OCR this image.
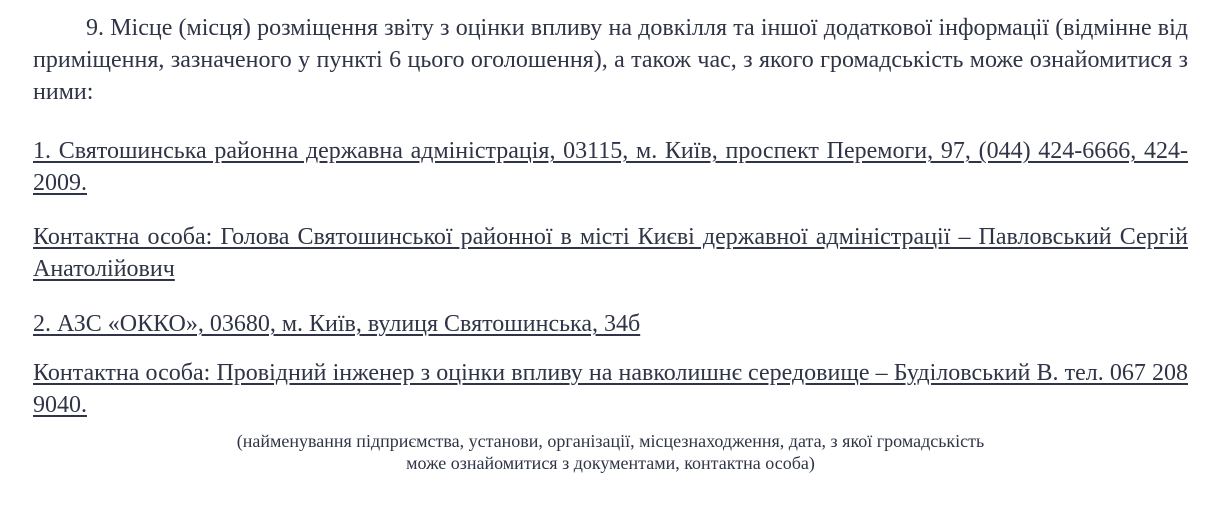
9. Місце (місця) розміщення звіту з оцінки впливу на довкілля та іншої додаткової інформації (відмінне від приміщення, зазначеного у пункті 6 цього оголошення), а також час, з якого громадськість може ознайомитися з ними:

1. Святошинська районна державна адміністрація, 03115, м. Київ, проспект Перемоги, 97, (044) 424-6666, 424-2009.

Контактна особа: Голова Святошинської районної в місті Києві державної адміністрації – Павловський Сергій Анатолійович

2. АЗС «ОККО», 03680, м. Київ, вулиця Святошинська, 34б

Контактна особа: Провідний інженер з оцінки впливу на навколишнє середовище – Буділовський В. тел. 067 208 9040.

(найменування підприємства, установи, організації, місцезнаходження, дата, з якої громадськість
може ознайомитися з документами, контактна особа)
